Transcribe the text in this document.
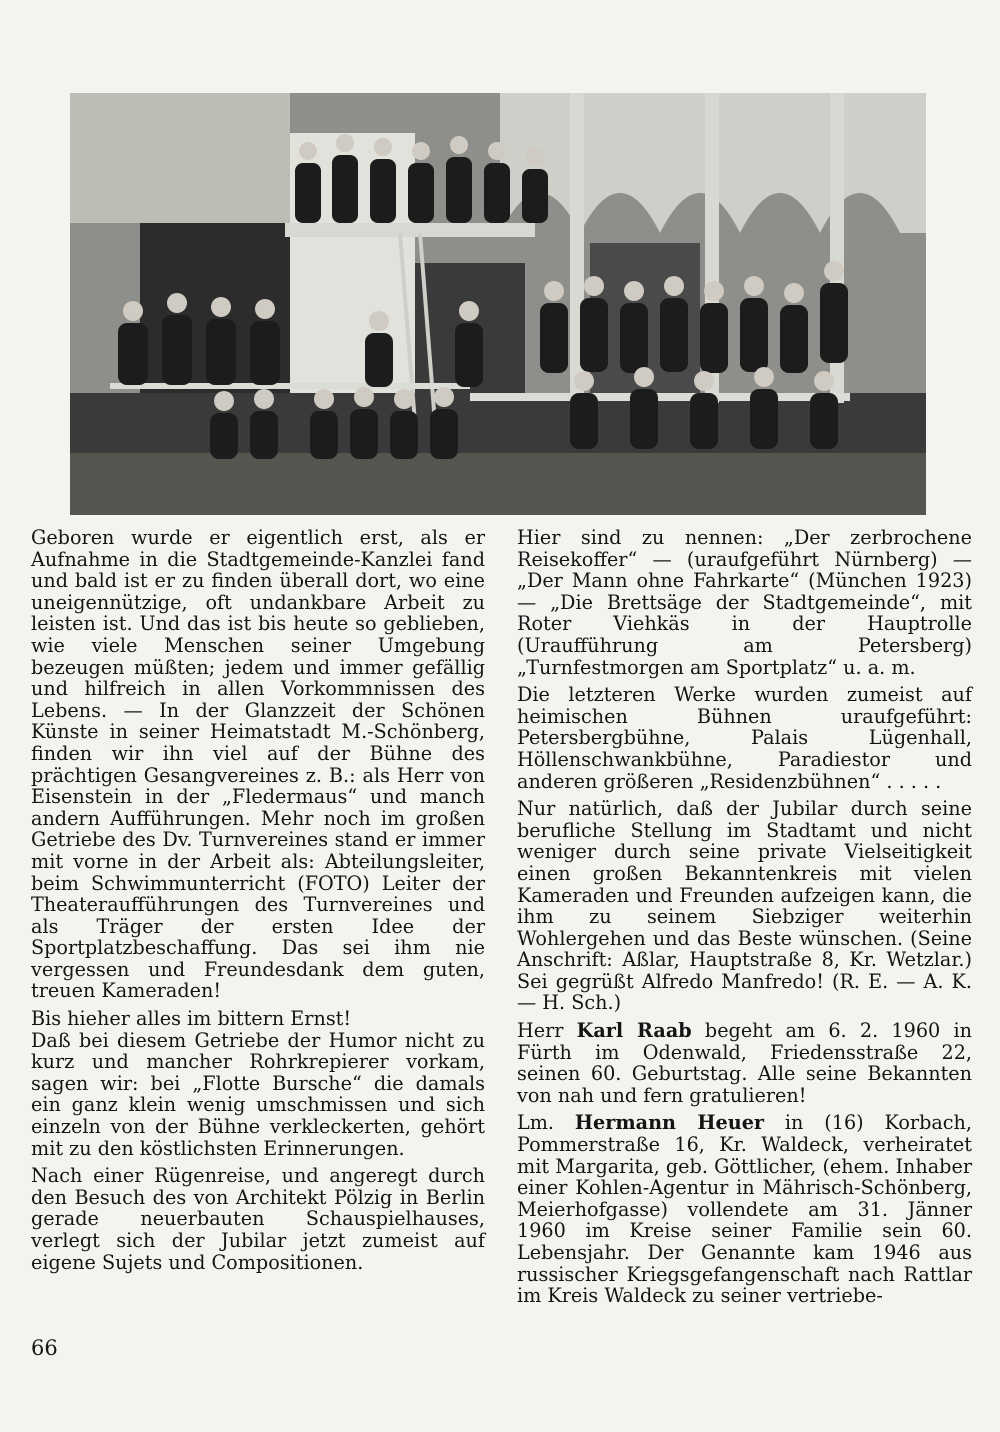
Geboren wurde er eigentlich erst, als er Aufnahme in die Stadtgemeinde-Kanzlei fand und bald ist er zu finden überall dort, wo eine uneigennützige, oft undankbare Arbeit zu leisten ist. Und das ist bis heute so geblieben, wie viele Menschen seiner Umgebung bezeugen müßten; jedem und immer gefällig und hilfreich in allen Vorkommnissen des Lebens. — In der Glanzzeit der Schönen Künste in seiner Heimatstadt M.-Schönberg, finden wir ihn viel auf der Bühne des prächtigen Gesangvereines z. B.: als Herr von Eisenstein in der „Fledermaus“ und manch andern Aufführungen. Mehr noch im großen Getriebe des Dv. Turnvereines stand er immer mit vorne in der Arbeit als: Abteilungsleiter, beim Schwimmunterricht (FOTO) Leiter der Theateraufführungen des Turnvereines und als Träger der ersten Idee der Sportplatzbeschaffung. Das sei ihm nie vergessen und Freundesdank dem guten, treuen Kameraden!

Bis hieher alles im bittern Ernst!

Daß bei diesem Getriebe der Humor nicht zu kurz und mancher Rohrkrepierer vorkam, sagen wir: bei „Flotte Bursche“ die damals ein ganz klein wenig umschmissen und sich einzeln von der Bühne verkleckerten, gehört mit zu den köstlichsten Erinnerungen.

Nach einer Rügenreise, und angeregt durch den Besuch des von Architekt Pölzig in Berlin gerade neuerbauten Schauspielhauses, verlegt sich der Jubilar jetzt zumeist auf eigene Sujets und Compositionen.

Hier sind zu nennen: „Der zerbrochene Reisekoffer“ — (uraufgeführt Nürnberg) — „Der Mann ohne Fahrkarte“ (München 1923) — „Die Brettsäge der Stadtgemeinde“, mit Roter Viehkäs in der Hauptrolle (Uraufführung am Petersberg) „Turnfestmorgen am Sportplatz“ u. a. m.

Die letzteren Werke wurden zumeist auf heimischen Bühnen uraufgeführt: Petersbergbühne, Palais Lügenhall, Höllenschwankbühne, Paradiestor und anderen größeren „Residenzbühnen“ . . . . .

Nur natürlich, daß der Jubilar durch seine berufliche Stellung im Stadtamt und nicht weniger durch seine private Vielseitigkeit einen großen Bekanntenkreis mit vielen Kameraden und Freunden aufzeigen kann, die ihm zu seinem Siebziger weiterhin Wohlergehen und das Beste wünschen. (Seine Anschrift: Aßlar, Hauptstraße 8, Kr. Wetzlar.) Sei gegrüßt Alfredo Manfredo! (R. E. — A. K. — H. Sch.)

Herr Karl Raab begeht am 6. 2. 1960 in Fürth im Odenwald, Friedensstraße 22, seinen 60. Geburtstag. Alle seine Bekannten von nah und fern gratulieren!

Lm. Hermann Heuer in (16) Korbach, Pommerstraße 16, Kr. Waldeck, verheiratet mit Margarita, geb. Göttlicher, (ehem. Inhaber einer Kohlen-Agentur in Mährisch-Schönberg, Meierhofgasse) vollendete am 31. Jänner 1960 im Kreise seiner Familie sein 60. Lebensjahr. Der Genannte kam 1946 aus russischer Kriegsgefangenschaft nach Rattlar im Kreis Waldeck zu seiner vertriebe-

66
